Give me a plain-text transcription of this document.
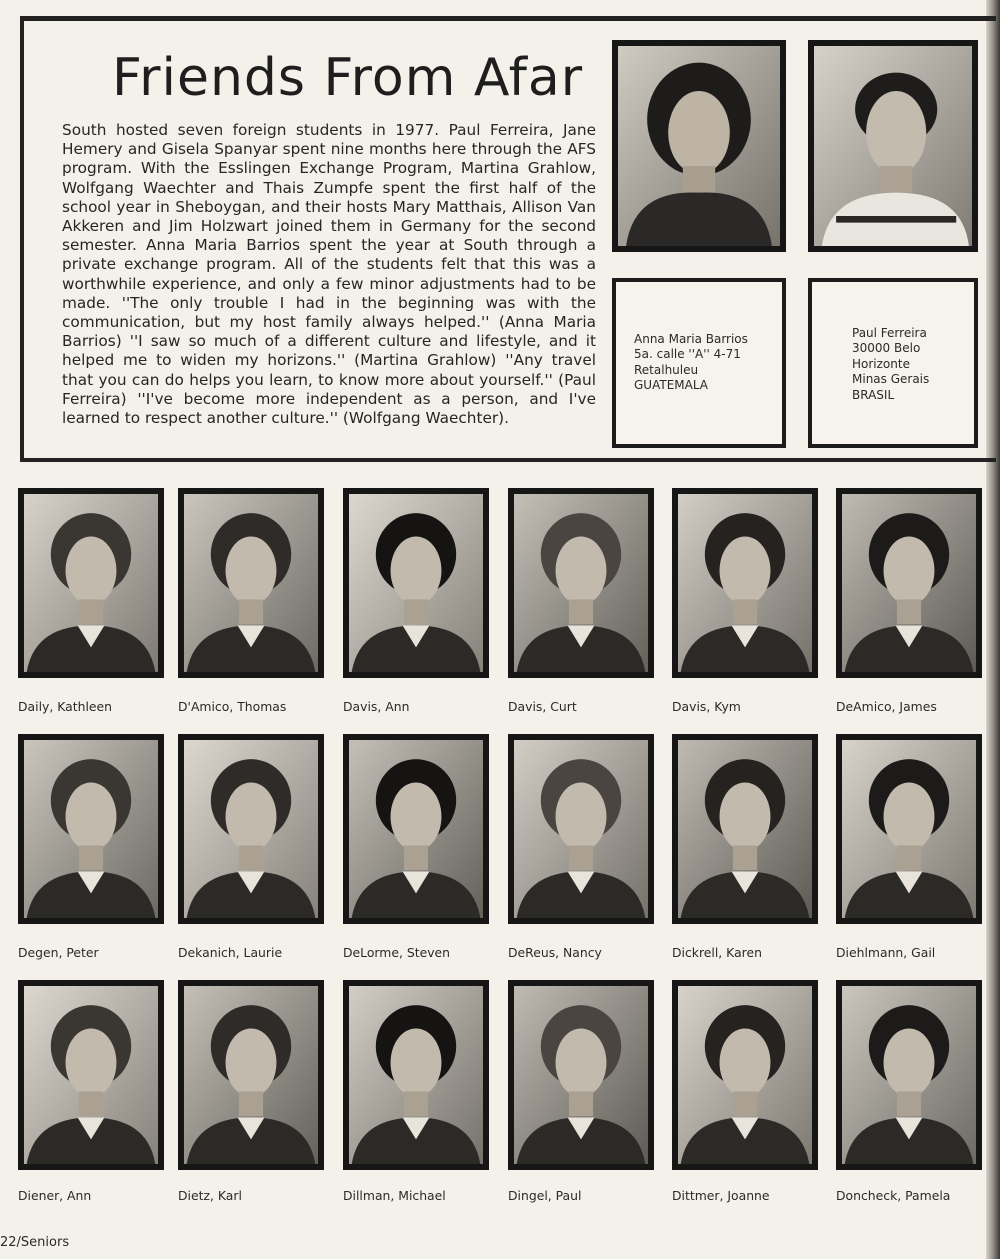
Friends From Afar

South hosted seven foreign students in 1977. Paul Ferreira, Jane Hemery and Gisela Spanyar spent nine months here through the AFS program. With the Esslingen Exchange Program, Martina Grahlow, Wolfgang Waechter and Thais Zumpfe spent the first half of the school year in Sheboygan, and their hosts Mary Matthais, Allison Van Akkeren and Jim Holzwart joined them in Germany for the second semester. Anna Maria Barrios spent the year at South through a private exchange program. All of the students felt that this was a worthwhile experience, and only a few minor adjustments had to be made. ''The only trouble I had in the beginning was with the communication, but my host family always helped.'' (Anna Maria Barrios) ''I saw so much of a different culture and lifestyle, and it helped me to widen my horizons.'' (Martina Grahlow) ''Any travel that you can do helps you learn, to know more about yourself.'' (Paul Ferreira) ''I've become more independent as a person, and I've learned to respect another culture.'' (Wolfgang Waechter).

Anna Maria Barrios
5a. calle ''A'' 4-71
Retalhuleu
GUATEMALA
Paul Ferreira
30000 Belo
Horizonte
Minas Gerais
BRASIL
Daily, Kathleen	D'Amico, Thomas	Davis, Ann	Davis, Curt	Davis, Kym	DeAmico, James
Degen, Peter	Dekanich, Laurie	DeLorme, Steven	DeReus, Nancy	Dickrell, Karen	Diehlmann, Gail
Diener, Ann	Dietz, Karl	Dillman, Michael	Dingel, Paul	Dittmer, Joanne	Doncheck, Pamela
22/Seniors
